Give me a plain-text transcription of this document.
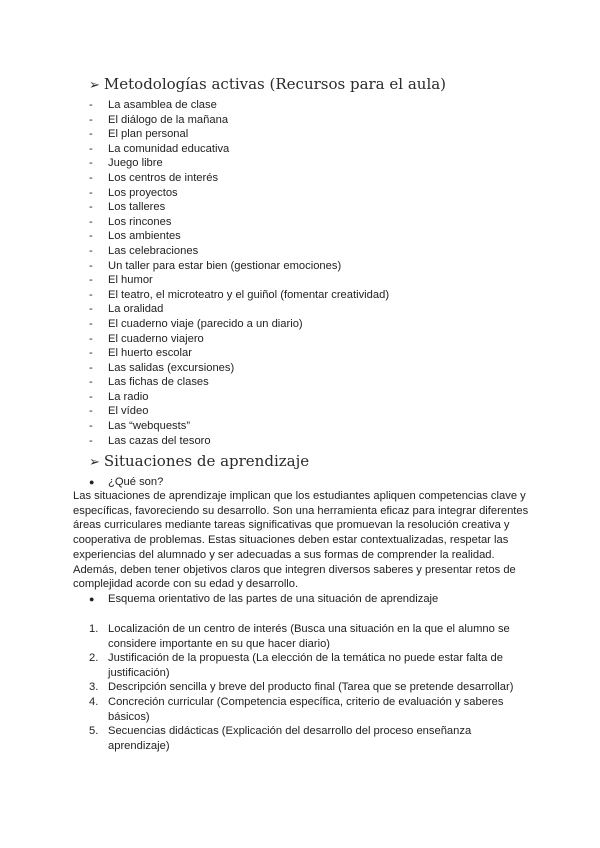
➢ Metodologías activas (Recursos para el aula)
- La asamblea de clase
- El diálogo de la mañana
- El plan personal
- La comunidad educativa
- Juego libre
- Los centros de interés
- Los proyectos
- Los talleres
- Los rincones
- Los ambientes
- Las celebraciones
- Un taller para estar bien (gestionar emociones)
- El humor
- El teatro, el microteatro y el guiñol (fomentar creatividad)
- La oralidad
- El cuaderno viaje (parecido a un diario)
- El cuaderno viajero
- El huerto escolar
- Las salidas (excursiones)
- Las fichas de clases
- La radio
- El vídeo
- Las “webquests”
- Las cazas del tesoro
➢ Situaciones de aprendizaje
● ¿Qué son?

Las situaciones de aprendizaje implican que los estudiantes apliquen competencias clave y
específicas, favoreciendo su desarrollo. Son una herramienta eficaz para integrar diferentes
áreas curriculares mediante tareas significativas que promuevan la resolución creativa y
cooperativa de problemas. Estas situaciones deben estar contextualizadas, respetar las
experiencias del alumnado y ser adecuadas a sus formas de comprender la realidad.
Además, deben tener objetivos claros que integren diversos saberes y presentar retos de
complejidad acorde con su edad y desarrollo.

● Esquema orientativo de las partes de una situación de aprendizaje
1. Localización de un centro de interés (Busca una situación en la que el alumno se
considere importante en su que hacer diario)
2. Justificación de la propuesta (La elección de la temática no puede estar falta de
justificación)
3. Descripción sencilla y breve del producto final (Tarea que se pretende desarrollar)
4. Concreción curricular (Competencia específica, criterio de evaluación y saberes
básicos)
5. Secuencias didácticas (Explicación del desarrollo del proceso enseñanza
aprendizaje)
